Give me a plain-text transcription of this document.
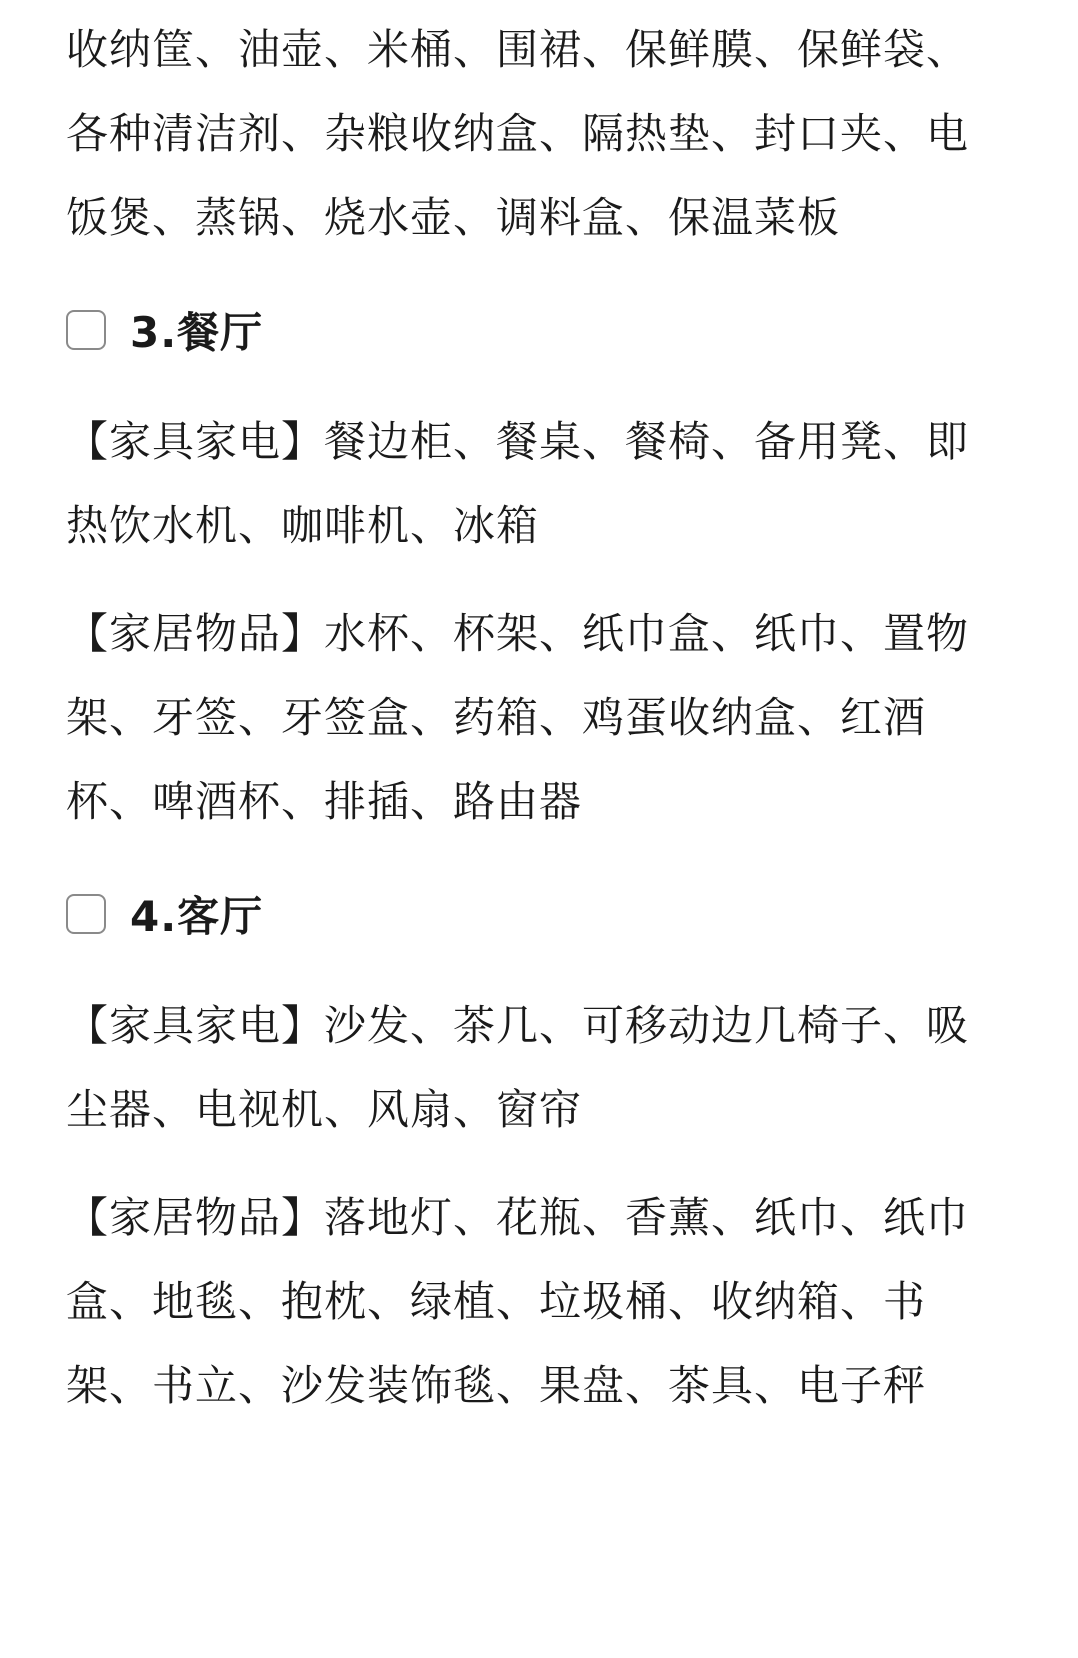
收纳筐、油壶、米桶、围裙、保鲜膜、保鲜袋、各种清洁剂、杂粮收纳盒、隔热垫、封口夹、电饭煲、蒸锅、烧水壶、调料盒、保温菜板

3.餐厅

【家具家电】餐边柜、餐桌、餐椅、备用凳、即热饮水机、咖啡机、冰箱

【家居物品】水杯、杯架、纸巾盒、纸巾、置物架、牙签、牙签盒、药箱、鸡蛋收纳盒、红酒杯、啤酒杯、排插、路由器

4.客厅

【家具家电】沙发、茶几、可移动边几椅子、吸尘器、电视机、风扇、窗帘

【家居物品】落地灯、花瓶、香薰、纸巾、纸巾盒、地毯、抱枕、绿植、垃圾桶、收纳箱、书架、书立、沙发装饰毯、果盘、茶具、电子秤
